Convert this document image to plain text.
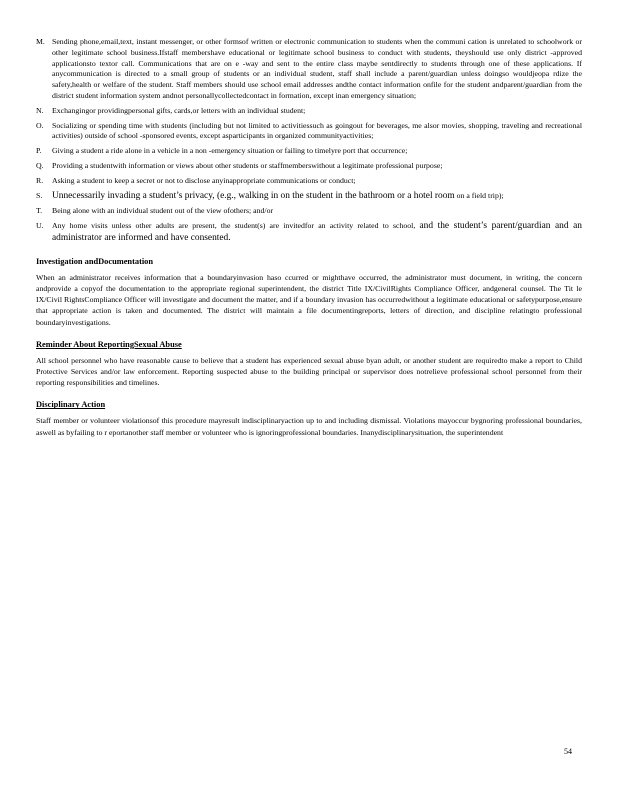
M. Sending phone,email,text, instant messenger, or other formsof written or electronic communication to students when the communi cation is unrelated to schoolwork or other legitimate school business.Ifstaff membershave educational or legitimate school business to conduct with students, theyshould use only district -approved applicationsto textor call. Communications that are on e -way and sent to the entire class maybe sentdirectly to students through one of these applications. If anycommunication is directed to a small group of students or an individual student, staff shall include a parent/guardian unless doingso wouldjeopa rdize the safety,health or welfare of the student. Staff members should use school email addresses andthe contact information onfile for the student andparent/guardian from the district student information system andnot personallycollectedcontact in formation, except inan emergency situation;
N.	Exchangingor providingpersonal gifts, cards,or letters with an individual student;
O.	Socializing or spending time with students (including but not limited to activitiessuch as goingout for beverages, me alsor movies, shopping, traveling and recreational activities) outside of school -sponsored events, except asparticipants in organized communityactivities;
P.	Giving a student a ride alone in a vehicle in a non -emergency situation or failing to timelyre port that occurrence;
Q.	Providing a studentwith information or views about other students or staffmemberswithout a legitimate professional purpose;
R.	Asking a student to keep a secret or not to disclose anyinappropriate communications or conduct;
S.	Unnecessarily invading a student’s privacy, (e.g., walking in on the student in the bathroom or a hotel room on a field trip);
T.	Being alone with an individual student out of the view ofothers; and/or
U.	Any home visits unless other adults are present, the student(s) are invitedfor an activity related to school, and the student’s parent/guardian and an administrator are informed and have consented.
Investigation andDocumentation
When an administrator receives information that a boundaryinvasion haso ccurred or mighthave occurred, the administrator must document, in writing, the concern andprovide a copyof the documentation to the appropriate regional superintendent, the district Title IX/CivilRights Compliance Officer, andgeneral counsel. The Tit le IX/Civil RightsCompliance Officer will investigate and document the matter, and if a boundary invasion has occurredwithout a legitimate educational or safetypurpose,ensure that appropriate action is taken and documented. The district will maintain a file documentingreports, letters of direction, and discipline relatingto professional boundaryinvestigations.
Reminder About ReportingSexual Abuse
All school personnel who have reasonable cause to believe that a student has experienced sexual abuse byan adult, or another student are requiredto make a report to Child Protective Services and/or law enforcement. Reporting suspected abuse to the building principal or supervisor does notrelieve professional school personnel from their reporting responsibilities and timelines.
Disciplinary Action
Staff member or volunteer violationsof this procedure mayresult indisciplinaryaction up to and including dismissal. Violations mayoccur bygnoring professional boundaries, aswell as byfailing to r eportanother staff member or volunteer who is ignoringprofessional boundaries. Inanydisciplinarysituation, the superintendent
54
